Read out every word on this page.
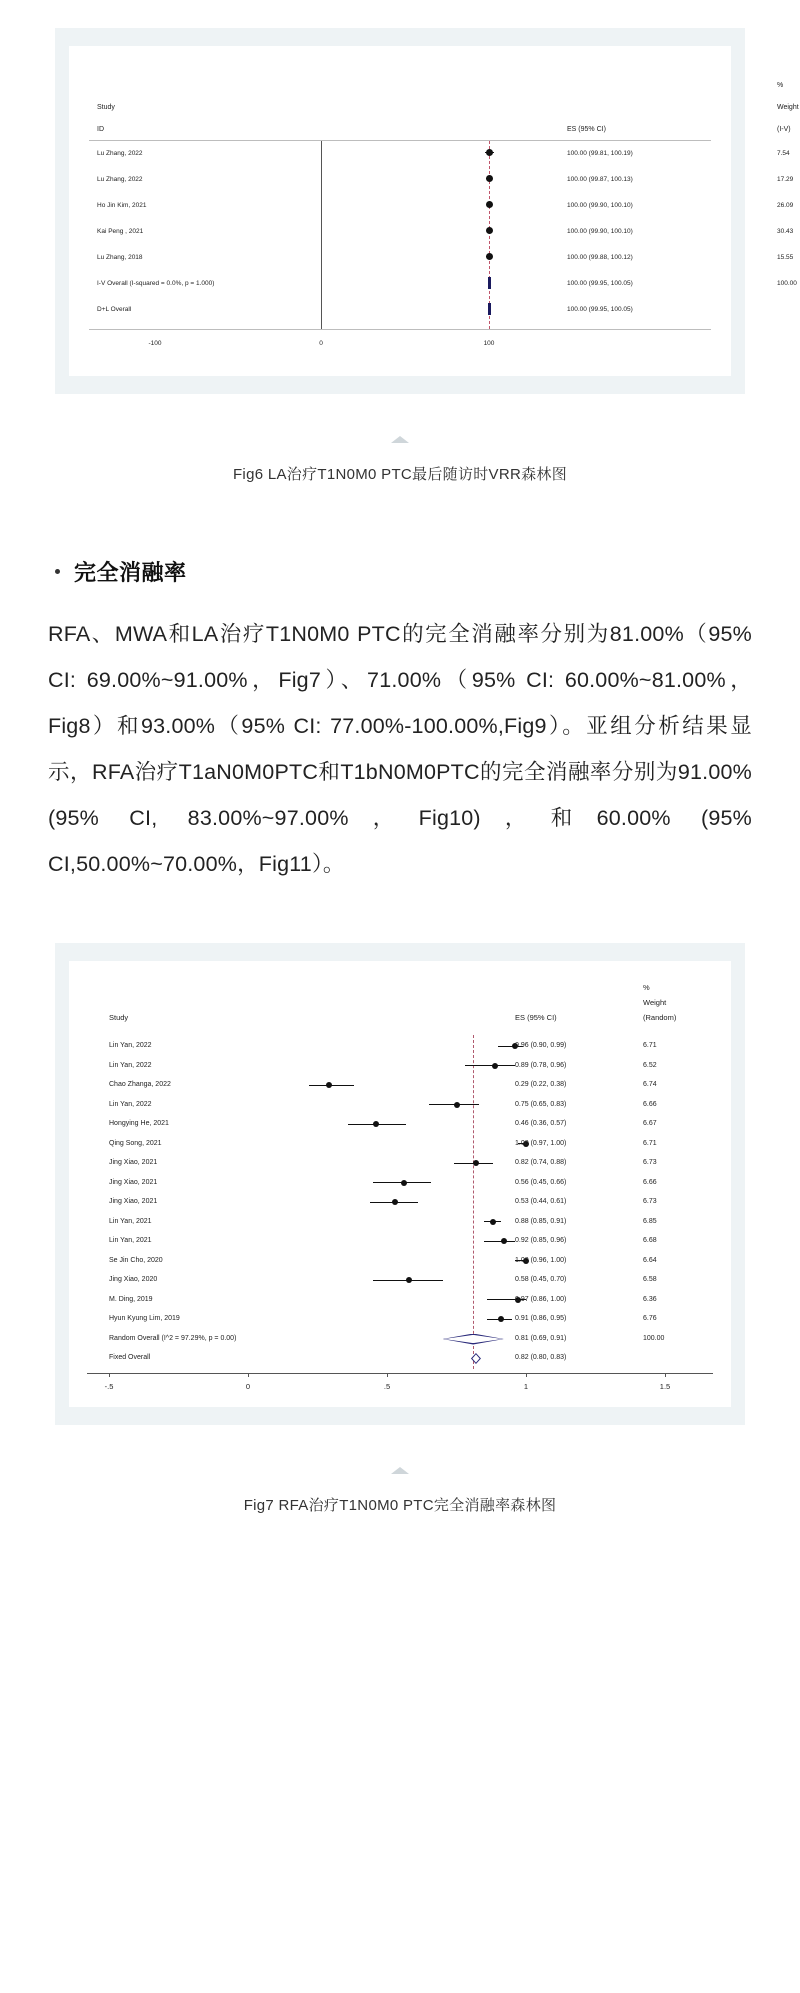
%
Study	Weight
ID	ES (95% CI)	(I-V)
Lu Zhang, 2022	100.00 (99.81, 100.19)	7.54
Lu Zhang, 2022	100.00 (99.87, 100.13)	17.29
Ho Jin Kim, 2021	100.00 (99.90, 100.10)	26.09
Kai Peng , 2021	100.00 (99.90, 100.10)	30.43
Lu Zhang, 2018	100.00 (99.88, 100.12)	15.55
I-V Overall (I-squared = 0.0%, p = 1.000)	100.00 (99.95, 100.05)	100.00
D+L Overall	100.00 (99.95, 100.05)
-100	0	100
Fig6 LA治疗T1N0M0 PTC最后随访时VRR森林图
完全消融率

RFA、MWA和LA治疗T1N0M0 PTC的完全消融率分别为81.00%（95% CI: 69.00%~91.00%，Fig7）、71.00%（95% CI: 60.00%~81.00%，Fig8）和93.00%（95% CI: 77.00%-100.00%,Fig9）。亚组分析结果显示，RFA治疗T1aN0M0PTC和T1bN0M0PTC的完全消融率分别为91.00% (95% CI, 83.00%~97.00%，Fig10)，和60.00% (95% CI,50.00%~70.00%，Fig11）。

%
Weight
Study	ES (95% CI)	(Random)
Lin Yan, 2022	0.96 (0.90, 0.99)	6.71
Lin Yan, 2022	0.89 (0.78, 0.96)	6.52
Chao Zhanga, 2022	0.29 (0.22, 0.38)	6.74
Lin Yan, 2022	0.75 (0.65, 0.83)	6.66
Hongying He, 2021	0.46 (0.36, 0.57)	6.67
Qing Song, 2021	1.00 (0.97, 1.00)	6.71
Jing Xiao, 2021	0.82 (0.74, 0.88)	6.73
Jing Xiao, 2021	0.56 (0.45, 0.66)	6.66
Jing Xiao, 2021	0.53 (0.44, 0.61)	6.73
Lin Yan, 2021	0.88 (0.85, 0.91)	6.85
Lin Yan, 2021	0.92 (0.85, 0.96)	6.68
Se Jin Cho, 2020	1.00 (0.96, 1.00)	6.64
Jing Xiao, 2020	0.58 (0.45, 0.70)	6.58
M. Ding, 2019	0.97 (0.86, 1.00)	6.36
Hyun Kyung Lim, 2019	0.91 (0.86, 0.95)	6.76
Random Overall (I^2 = 97.29%, p = 0.00)	0.81 (0.69, 0.91)	100.00
Fixed Overall	0.82 (0.80, 0.83)
-.5	0	.5	1	1.5
Fig7 RFA治疗T1N0M0 PTC完全消融率森林图
